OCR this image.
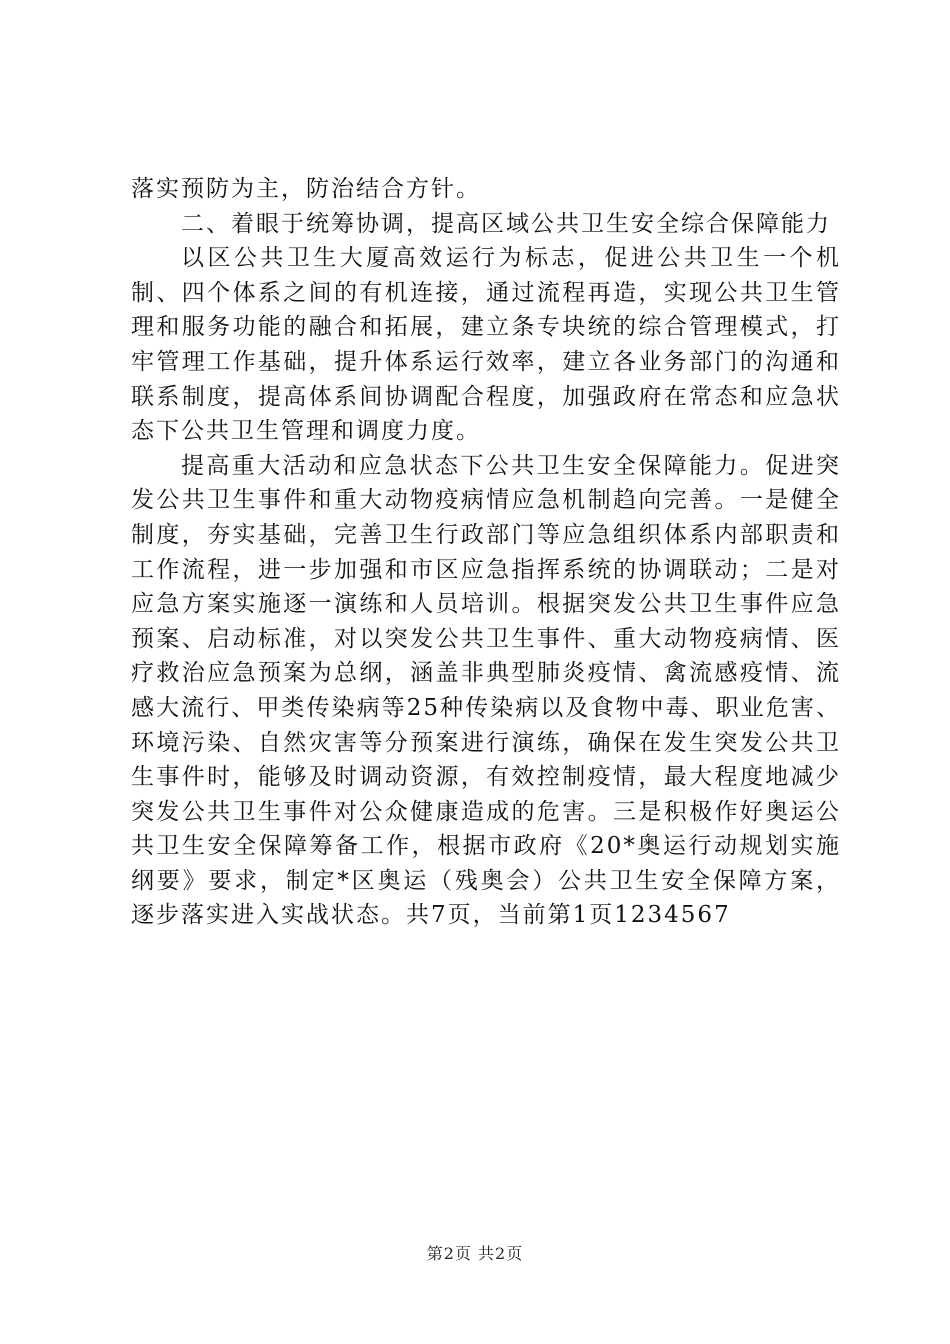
落实预防为主，防治结合方针。

二、着眼于统筹协调，提高区域公共卫生安全综合保障能力

以区公共卫生大厦高效运行为标志，促进公共卫生一个机制、四个体系之间的有机连接，通过流程再造，实现公共卫生管理和服务功能的融合和拓展，建立条专块统的综合管理模式，打牢管理工作基础，提升体系运行效率，建立各业务部门的沟通和联系制度，提高体系间协调配合程度，加强政府在常态和应急状态下公共卫生管理和调度力度。

提高重大活动和应急状态下公共卫生安全保障能力。促进突发公共卫生事件和重大动物疫病情应急机制趋向完善。一是健全制度，夯实基础，完善卫生行政部门等应急组织体系内部职责和工作流程，进一步加强和市区应急指挥系统的协调联动；二是对应急方案实施逐一演练和人员培训。根据突发公共卫生事件应急预案、启动标准，对以突发公共卫生事件、重大动物疫病情、医疗救治应急预案为总纲，涵盖非典型肺炎疫情、禽流感疫情、流感大流行、甲类传染病等25种传染病以及食物中毒、职业危害、环境污染、自然灾害等分预案进行演练，确保在发生突发公共卫生事件时，能够及时调动资源，有效控制疫情，最大程度地减少突发公共卫生事件对公众健康造成的危害。三是积极作好奥运公共卫生安全保障筹备工作，根据市政府《20*奥运行动规划实施纲要》要求，制定*区奥运（残奥会）公共卫生安全保障方案，逐步落实进入实战状态。共7页，当前第1页1234567

第2页 共2页
